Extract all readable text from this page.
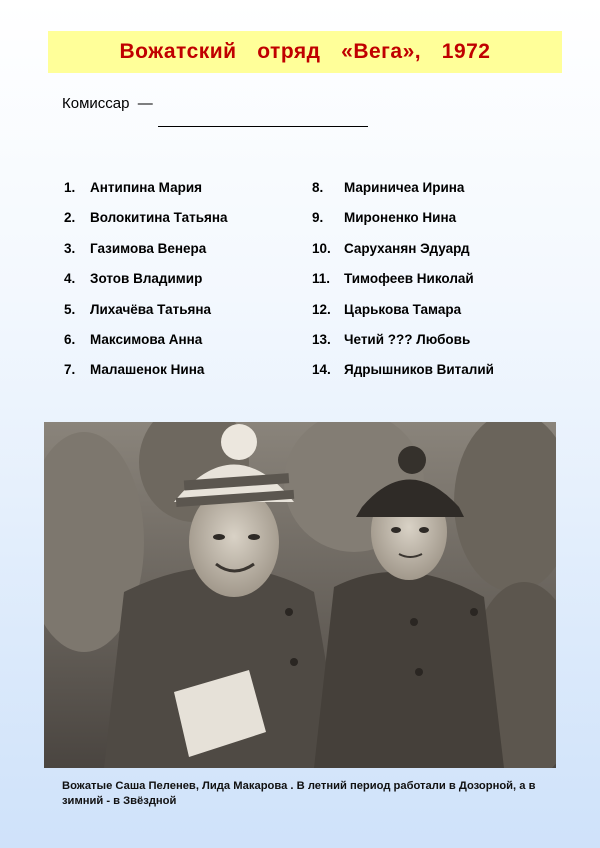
Вожатский  отряд  «Вега»,  1972
Комиссар  —
1.	Антипина Мария
2.	Волокитина Татьяна
3.	Газимова Венера
4.	Зотов Владимир
5.	Лихачёва Татьяна
6.	Максимова Анна
7.	Малашенок Нина
8.	Мариничеа Ирина
9.	Мироненко Нина
10. Саруханян Эдуард
11.	Тимофеев Николай
12. Царькова Тамара
13. Четий ??? Любовь
14. Ядрышников Виталий
Вожатые Саша Пеленев, Лида Макарова . В летний период работали в Дозорной, а в зимний - в Звёздной
